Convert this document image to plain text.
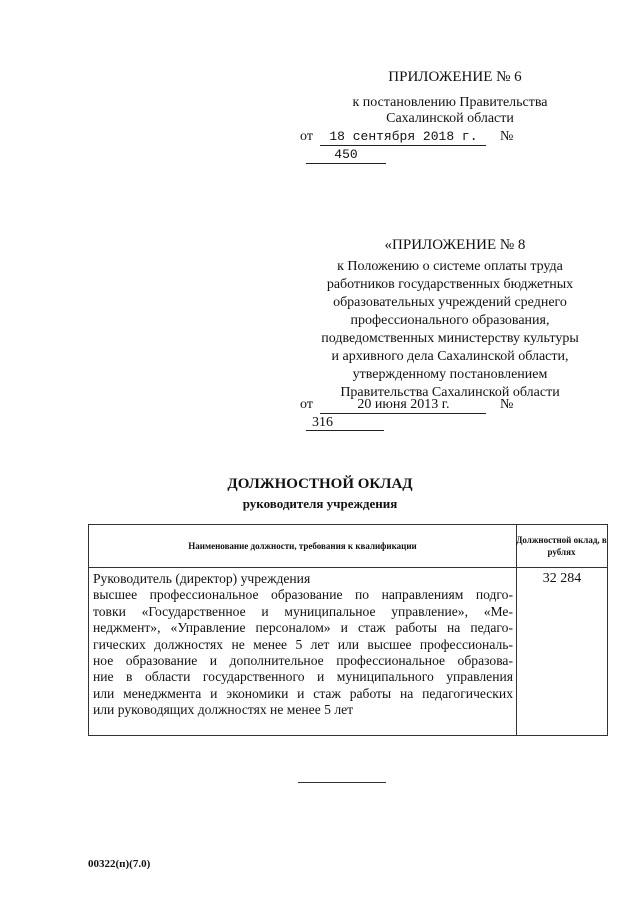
ПРИЛОЖЕНИЕ № 6
к постановлению Правительства
Сахалинской области
от 18 сентября 2018 г. № 450
«ПРИЛОЖЕНИЕ № 8
к Положению о системе оплаты труда
работников государственных бюджетных
образовательных учреждений среднего
профессионального образования,
подведомственных министерству культуры
и архивного дела Сахалинской области,
утвержденному постановлением
Правительства Сахалинской области
от	20 июня 2013 г.	№ 316
ДОЛЖНОСТНОЙ ОКЛАД
руководителя учреждения
Наименование должности, требования к квалификации
Должностной оклад, в рублях
Руководитель (директор) учреждения
высшее профессиональное образование по направлениям подго-
товки «Государственное и муниципальное управление», «Ме-
неджмент», «Управление персоналом» и стаж работы на педаго-
гических должностях не менее 5 лет или высшее профессиональ-
ное образование и дополнительное профессиональное образова-
ние в области государственного и муниципального управления
или менеджмента и экономики и стаж работы на педагогических
или руководящих должностях не менее 5 лет
32 284
00322(п)(7.0)
